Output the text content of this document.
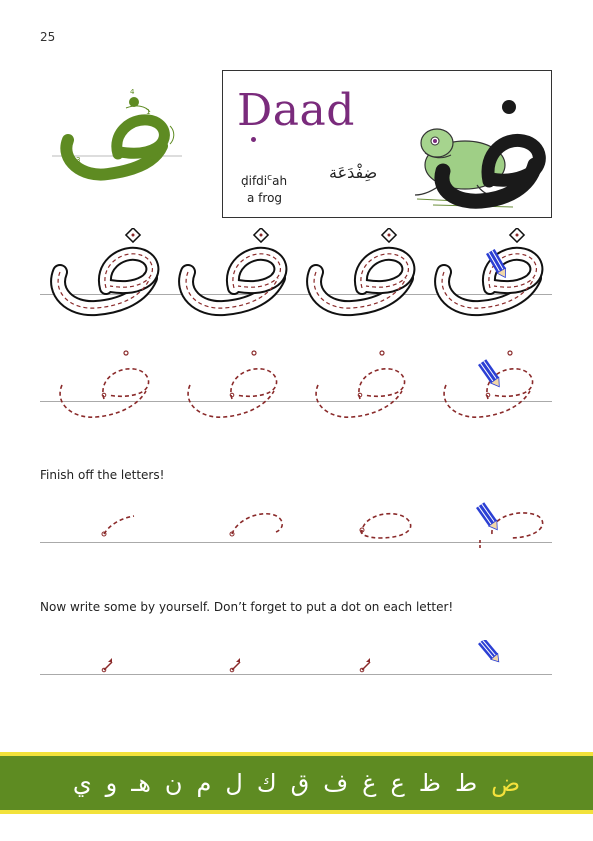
25
1
2
3
4 Daad
ḍifdi$^c$ah
a frog
ضِفْدَعَة
Finish off the letters!
Now write some by yourself. Don’t forget to put a dot on each letter!
ض
ط
ظ
ع
غ
ف
ق
ك
ل
م
ن
هـ
و
ي
